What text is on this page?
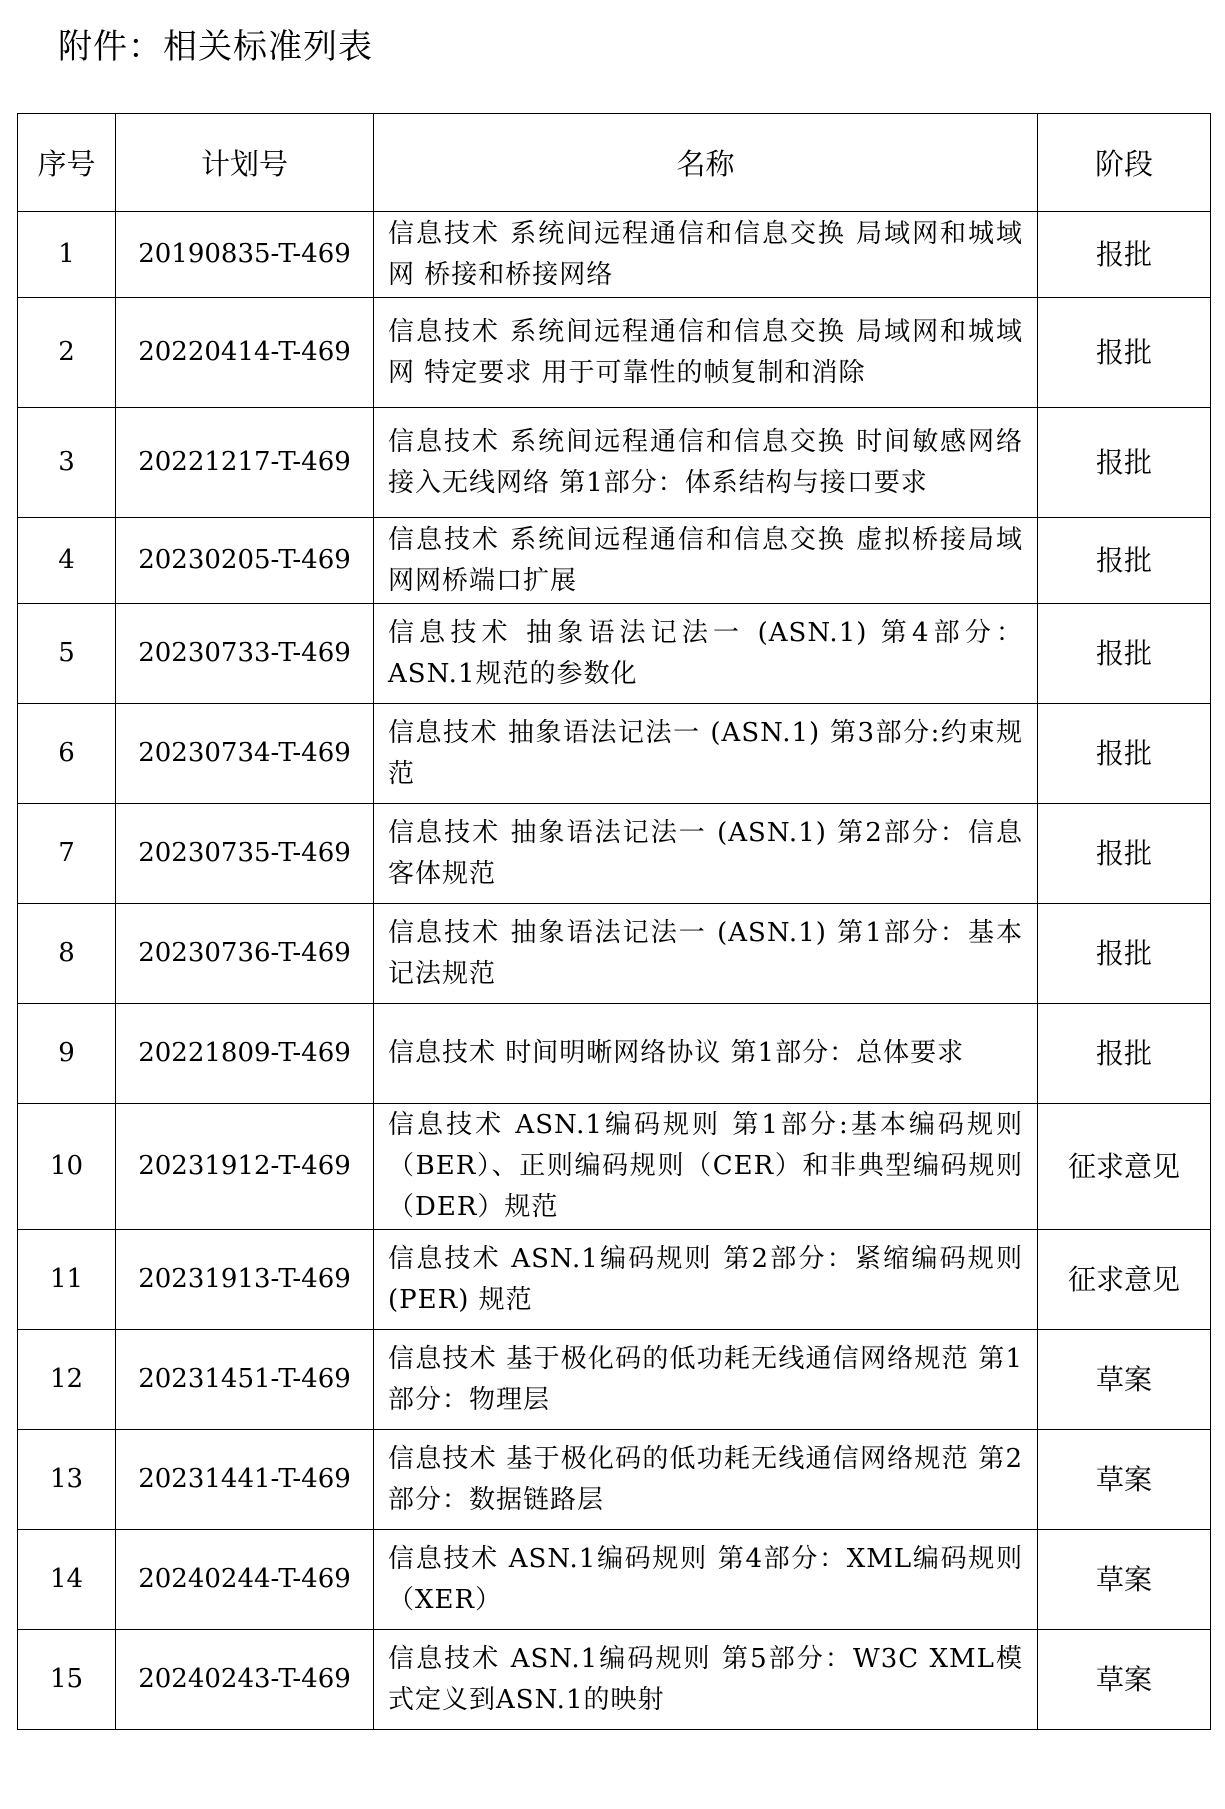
附件：相关标准列表
序号	计划号	名称	阶段
1	20190835-T-469	信息技术 系统间远程通信和信息交换 局域网和城域网 桥接和桥接网络	报批
2	20220414-T-469	信息技术 系统间远程通信和信息交换 局域网和城域网 特定要求 用于可靠性的帧复制和消除	报批
3	20221217-T-469	信息技术 系统间远程通信和信息交换 时间敏感网络接入无线网络 第1部分：体系结构与接口要求	报批
4	20230205-T-469	信息技术 系统间远程通信和信息交换 虚拟桥接局域网网桥端口扩展	报批
5	20230733-T-469	信息技术 抽象语法记法一 (ASN.1) 第4部分：ASN.1规范的参数化	报批
6	20230734-T-469	信息技术 抽象语法记法一 (ASN.1) 第3部分:约束规范	报批
7	20230735-T-469	信息技术 抽象语法记法一 (ASN.1) 第2部分：信息客体规范	报批
8	20230736-T-469	信息技术 抽象语法记法一 (ASN.1) 第1部分：基本记法规范	报批
9	20221809-T-469	信息技术 时间明晰网络协议 第1部分：总体要求	报批
10	20231912-T-469	信息技术 ASN.1编码规则 第1部分:基本编码规则（BER）、正则编码规则（CER）和非典型编码规则（DER）规范	征求意见
11	20231913-T-469	信息技术 ASN.1编码规则 第2部分：紧缩编码规则 (PER) 规范	征求意见
12	20231451-T-469	信息技术 基于极化码的低功耗无线通信网络规范 第1部分：物理层	草案
13	20231441-T-469	信息技术 基于极化码的低功耗无线通信网络规范 第2部分：数据链路层	草案
14	20240244-T-469	信息技术 ASN.1编码规则 第4部分：XML编码规则（XER）	草案
15	20240243-T-469	信息技术 ASN.1编码规则 第5部分：W3C XML模式定义到ASN.1的映射	草案
